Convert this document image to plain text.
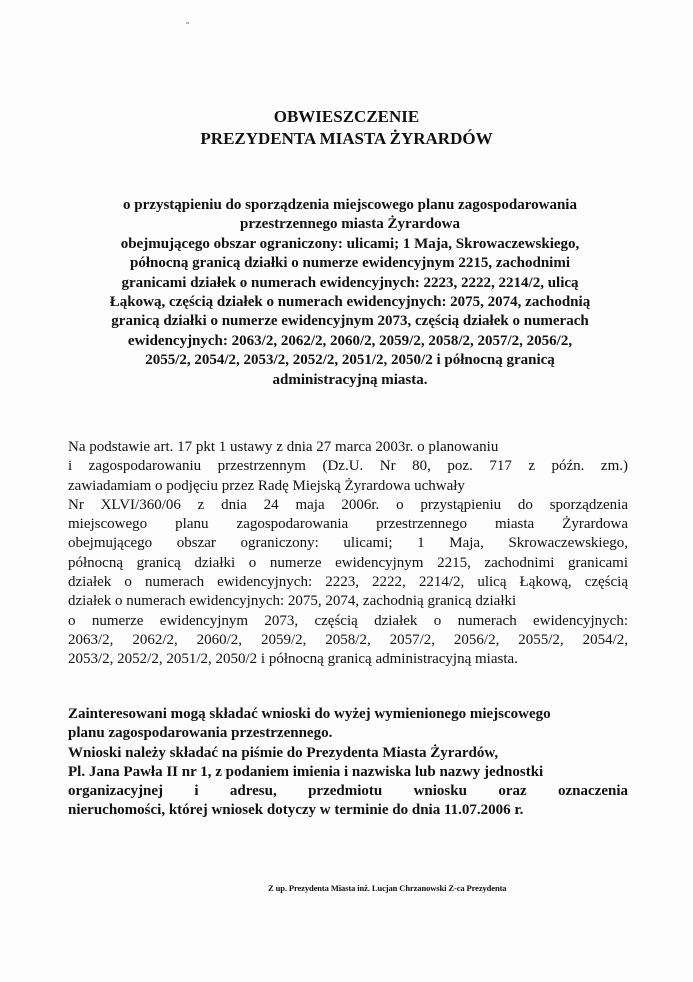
OBWIESZCZENIE
PREZYDENTA MIASTA ŻYRARDÓW
o przystąpieniu do sporządzenia miejscowego planu zagospodarowania
przestrzennego miasta Żyrardowa
obejmującego obszar ograniczony: ulicami; 1 Maja, Skrowaczewskiego,
północną granicą działki o numerze ewidencyjnym 2215, zachodnimi
granicami działek o numerach ewidencyjnych: 2223, 2222, 2214/2, ulicą
Łąkową, częścią działek o numerach ewidencyjnych: 2075, 2074, zachodnią
granicą działki o numerze ewidencyjnym 2073, częścią działek o numerach
ewidencyjnych: 2063/2, 2062/2, 2060/2, 2059/2, 2058/2, 2057/2, 2056/2,
2055/2, 2054/2, 2053/2, 2052/2, 2051/2, 2050/2 i północną granicą
administracyjną miasta.
Na podstawie art. 17 pkt 1 ustawy z dnia 27 marca 2003r. o planowaniu
i zagospodarowaniu przestrzennym (Dz.U. Nr 80, poz. 717 z późn. zm.)
zawiadamiam o podjęciu przez Radę Miejską Żyrardowa uchwały
Nr XLVI/360/06 z dnia 24 maja 2006r. o przystąpieniu do sporządzenia
miejscowego planu zagospodarowania przestrzennego miasta Żyrardowa
obejmującego obszar ograniczony: ulicami; 1 Maja, Skrowaczewskiego,
północną granicą działki o numerze ewidencyjnym 2215, zachodnimi granicami
działek o numerach ewidencyjnych: 2223, 2222, 2214/2, ulicą Łąkową, częścią
działek o numerach ewidencyjnych: 2075, 2074, zachodnią granicą działki
o numerze ewidencyjnym 2073, częścią działek o numerach ewidencyjnych:
2063/2, 2062/2, 2060/2, 2059/2, 2058/2, 2057/2, 2056/2, 2055/2, 2054/2,
2053/2, 2052/2, 2051/2, 2050/2 i północną granicą administracyjną miasta.
Zainteresowani mogą składać wnioski do wyżej wymienionego miejscowego
planu zagospodarowania przestrzennego.
Wnioski należy składać na piśmie do Prezydenta Miasta Żyrardów,
Pl. Jana Pawła II nr 1, z podaniem imienia i nazwiska lub nazwy jednostki
organizacyjnej i adresu, przedmiotu wniosku oraz oznaczenia
nieruchomości, której wniosek dotyczy w terminie do dnia 11.07.2006 r.
Z up. Prezydenta Miasta inż. Lucjan Chrzanowski Z-ca Prezydenta
